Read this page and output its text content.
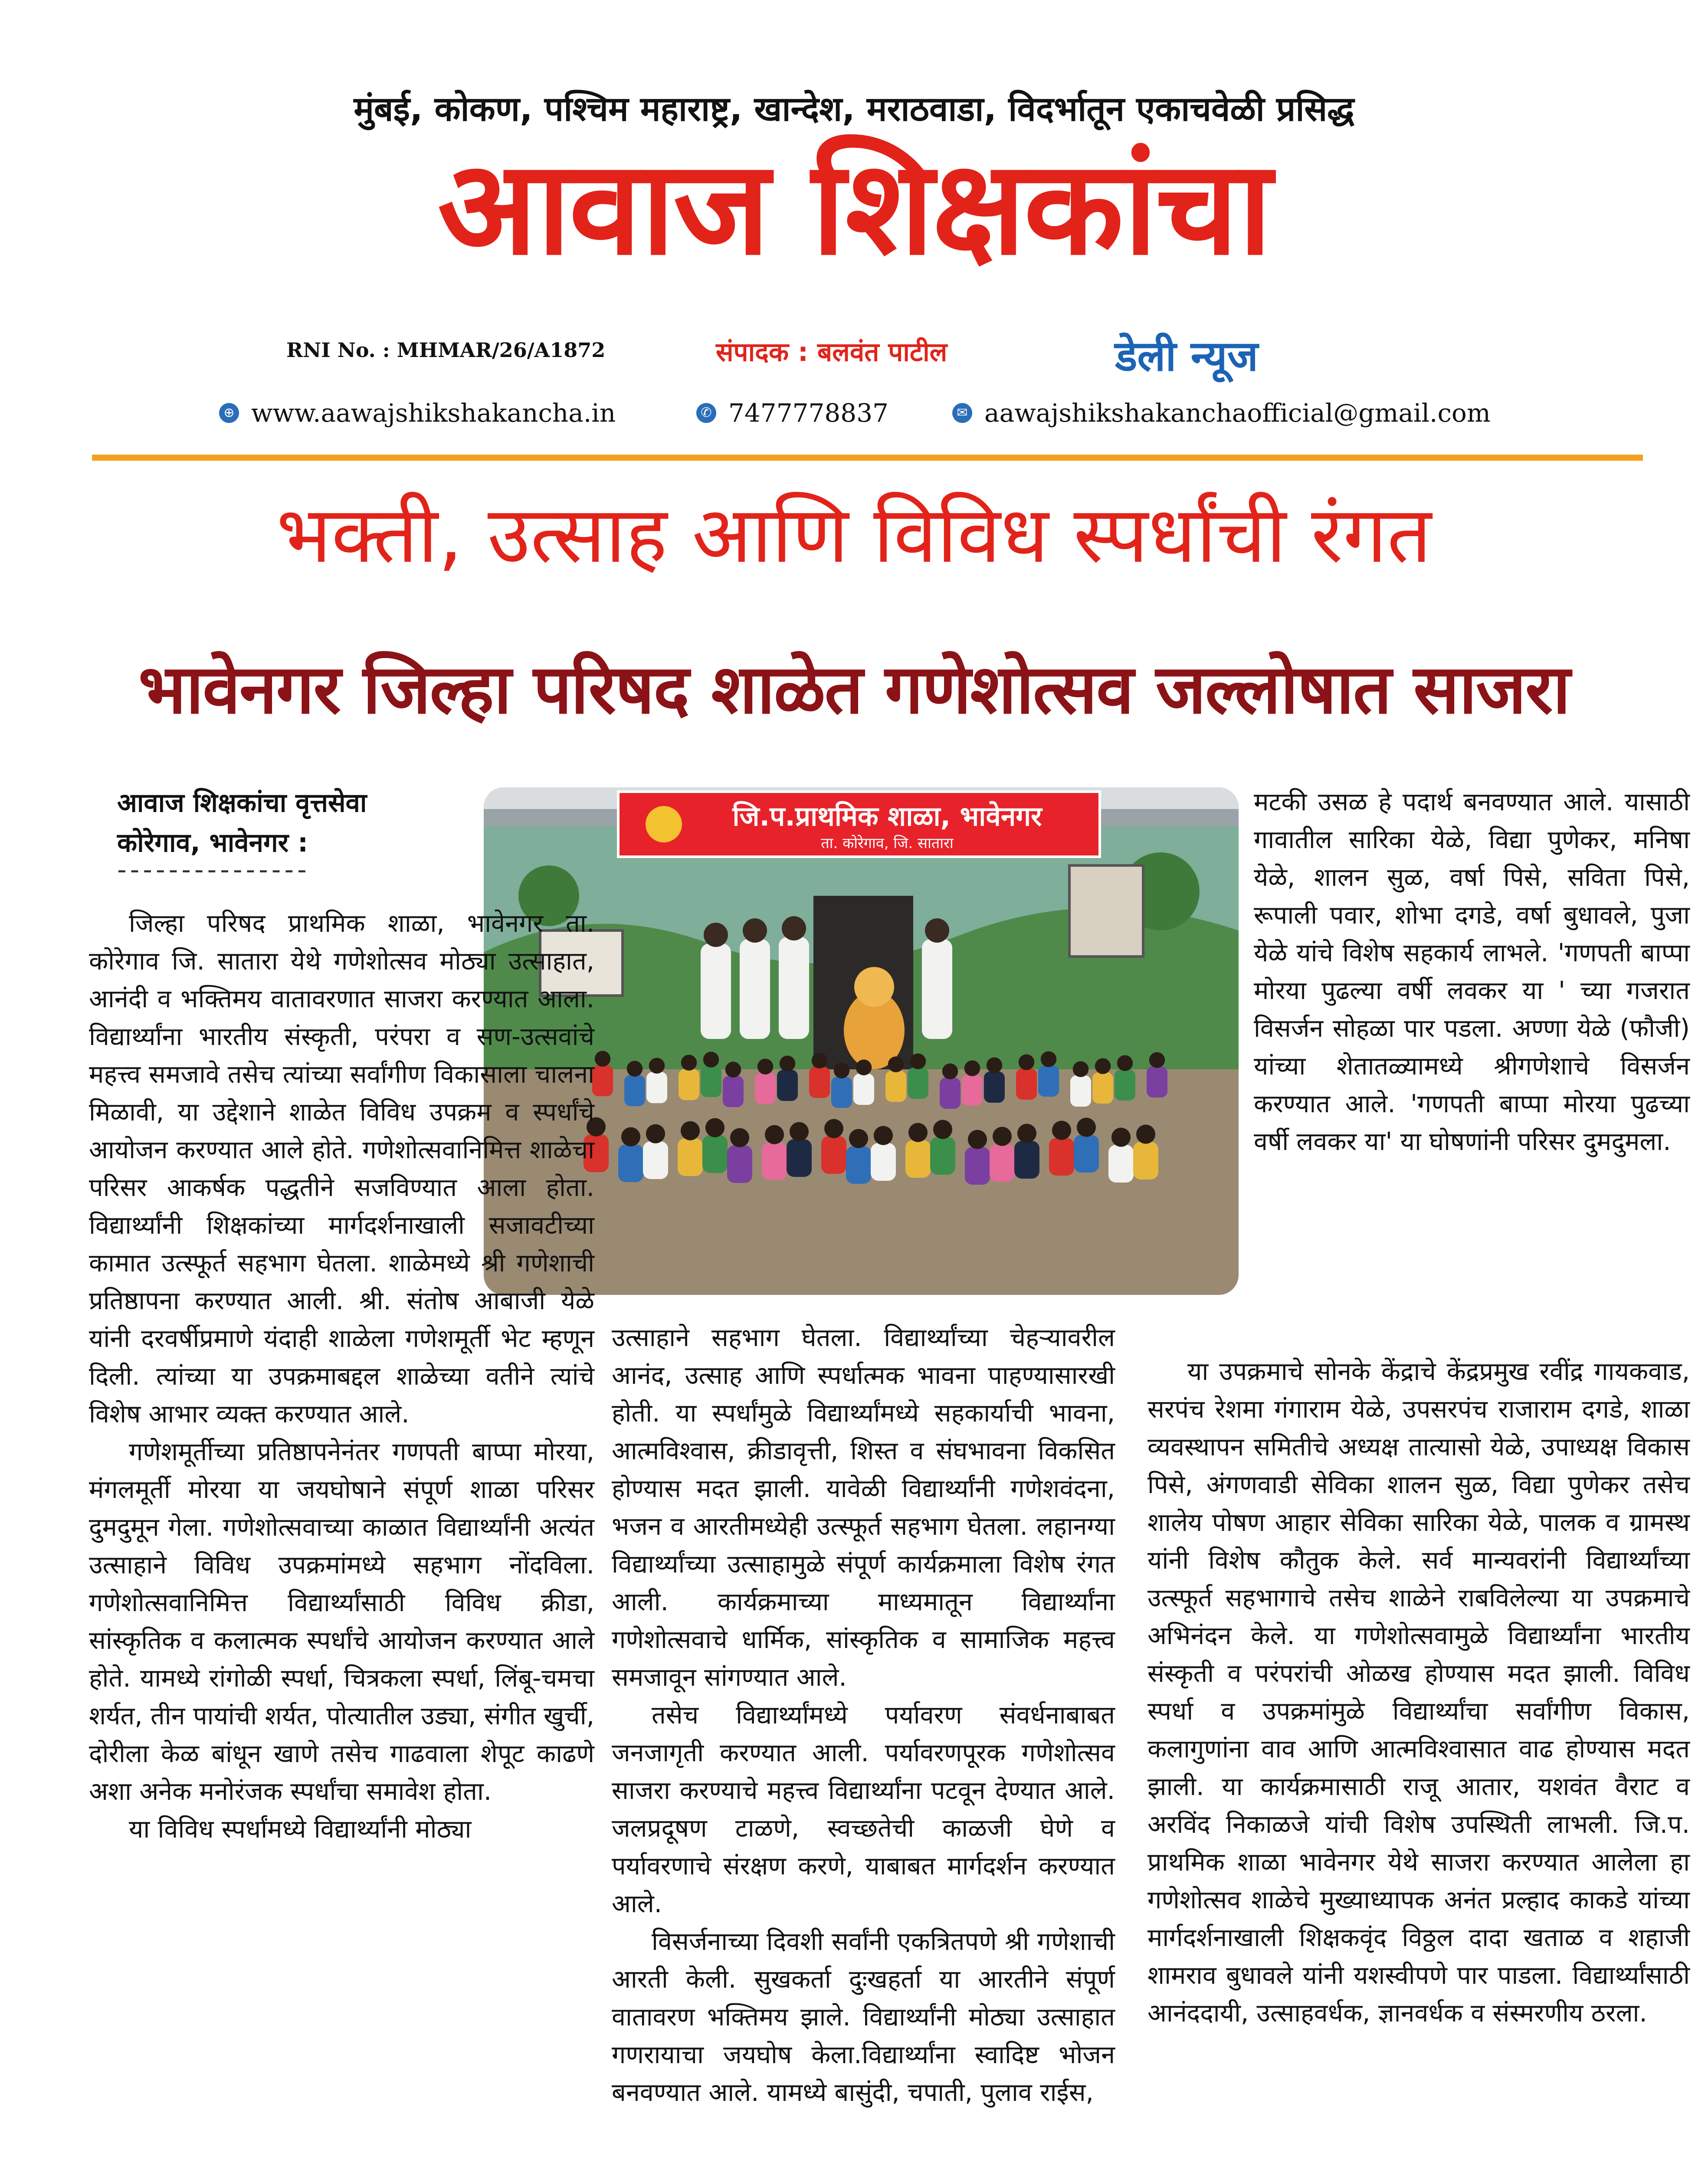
मुंबई, कोकण, पश्चिम महाराष्ट्र, खान्देश, मराठवाडा, विदर्भातून एकाचवेळी प्रसिद्ध
आवाज शिक्षकांचा
RNI No. : MHMAR/26/A1872	संपादक : बलवंत पाटील	डेली न्यूज
⊕ www.aawajshikshakancha.in	✆ 7477778837	✉ aawajshikshakanchaofficial@gmail.com
भक्ती, उत्साह आणि विविध स्पर्धांची रंगत
भावेनगर जिल्हा परिषद शाळेत गणेशोत्सव जल्लोषात साजरा
आवाज शिक्षकांचा वृत्तसेवा
कोरेगाव, भावेनगर :
---------------
जि.प.प्राथमिक शाळा, भावेनगर
ता. कोरेगाव, जि. सातारा

जिल्हा परिषद प्राथमिक शाळा, भावेनगर ता. कोरेगाव जि. सातारा येथे गणेशोत्सव मोठ्या उत्साहात, आनंदी व भक्तिमय वातावरणात साजरा करण्यात आला. विद्यार्थ्यांना भारतीय संस्कृती, परंपरा व सण-उत्सवांचे महत्त्व समजावे तसेच त्यांच्या सर्वांगीण विकासाला चालना मिळावी, या उद्देशाने शाळेत विविध उपक्रम व स्पर्धांचे आयोजन करण्यात आले होते. गणेशोत्सवानिमित्त शाळेचा परिसर आकर्षक पद्धतीने सजविण्यात आला होता. विद्यार्थ्यांनी शिक्षकांच्या मार्गदर्शनाखाली सजावटीच्या कामात उत्स्फूर्त सहभाग घेतला. शाळेमध्ये श्री गणेशाची प्रतिष्ठापना करण्यात आली. श्री. संतोष आबाजी येळे यांनी दरवर्षीप्रमाणे यंदाही शाळेला गणेशमूर्ती भेट म्हणून दिली. त्यांच्या या उपक्रमाबद्दल शाळेच्या वतीने त्यांचे विशेष आभार व्यक्त करण्यात आले.

गणेशमूर्तीच्या प्रतिष्ठापनेनंतर गणपती बाप्पा मोरया, मंगलमूर्ती मोरया या जयघोषाने संपूर्ण शाळा परिसर दुमदुमून गेला. गणेशोत्सवाच्या काळात विद्यार्थ्यांनी अत्यंत उत्साहाने विविध उपक्रमांमध्ये सहभाग नोंदविला. गणेशोत्सवानिमित्त विद्यार्थ्यांसाठी विविध क्रीडा, सांस्कृतिक व कलात्मक स्पर्धांचे आयोजन करण्यात आले होते. यामध्ये रांगोळी स्पर्धा, चित्रकला स्पर्धा, लिंबू-चमचा शर्यत, तीन पायांची शर्यत, पोत्यातील उड्या, संगीत खुर्ची, दोरीला केळ बांधून खाणे तसेच गाढवाला शेपूट काढणे अशा अनेक मनोरंजक स्पर्धांचा समावेश होता.

या विविध स्पर्धांमध्ये विद्यार्थ्यांनी मोठ्या

उत्साहाने सहभाग घेतला. विद्यार्थ्यांच्या चेहऱ्यावरील आनंद, उत्साह आणि स्पर्धात्मक भावना पाहण्यासारखी होती. या स्पर्धांमुळे विद्यार्थ्यांमध्ये सहकार्याची भावना, आत्मविश्वास, क्रीडावृत्ती, शिस्त व संघभावना विकसित होण्यास मदत झाली. यावेळी विद्यार्थ्यांनी गणेशवंदना, भजन व आरतीमध्येही उत्स्फूर्त सहभाग घेतला. लहानग्या विद्यार्थ्यांच्या उत्साहामुळे संपूर्ण कार्यक्रमाला विशेष रंगत आली. कार्यक्रमाच्या माध्यमातून विद्यार्थ्यांना गणेशोत्सवाचे धार्मिक, सांस्कृतिक व सामाजिक महत्त्व समजावून सांगण्यात आले.

तसेच विद्यार्थ्यांमध्ये पर्यावरण संवर्धनाबाबत जनजागृती करण्यात आली. पर्यावरणपूरक गणेशोत्सव साजरा करण्याचे महत्त्व विद्यार्थ्यांना पटवून देण्यात आले. जलप्रदूषण टाळणे, स्वच्छतेची काळजी घेणे व पर्यावरणाचे संरक्षण करणे, याबाबत मार्गदर्शन करण्यात आले.

विसर्जनाच्या दिवशी सर्वांनी एकत्रितपणे श्री गणेशाची आरती केली. सुखकर्ता दुःखहर्ता या आरतीने संपूर्ण वातावरण भक्तिमय झाले. विद्यार्थ्यांनी मोठ्या उत्साहात गणरायाचा जयघोष केला.विद्यार्थ्यांना स्वादिष्ट भोजन बनवण्यात आले. यामध्ये बासुंदी, चपाती, पुलाव राईस,

मटकी उसळ हे पदार्थ बनवण्यात आले. यासाठी गावातील सारिका येळे, विद्या पुणेकर, मनिषा येळे, शालन सुळ, वर्षा पिसे, सविता पिसे, रूपाली पवार, शोभा दगडे, वर्षा बुधावले, पुजा येळे यांचे विशेष सहकार्य लाभले. 'गणपती बाप्पा मोरया पुढल्या वर्षी लवकर या ' च्या गजरात विसर्जन सोहळा पार पडला. अण्णा येळे (फौजी) यांच्या शेतातळ्यामध्ये श्रीगणेशाचे विसर्जन करण्यात आले. 'गणपती बाप्पा मोरया पुढच्या वर्षी लवकर या' या घोषणांनी परिसर दुमदुमला.

या उपक्रमाचे सोनके केंद्राचे केंद्रप्रमुख रवींद्र गायकवाड, सरपंच रेशमा गंगाराम येळे, उपसरपंच राजाराम दगडे, शाळा व्यवस्थापन समितीचे अध्यक्ष तात्यासो येळे, उपाध्यक्ष विकास पिसे, अंगणवाडी सेविका शालन सुळ, विद्या पुणेकर तसेच शालेय पोषण आहार सेविका सारिका येळे, पालक व ग्रामस्थ यांनी विशेष कौतुक केले. सर्व मान्यवरांनी विद्यार्थ्यांच्या उत्स्फूर्त सहभागाचे तसेच शाळेने राबविलेल्या या उपक्रमाचे अभिनंदन केले. या गणेशोत्सवामुळे विद्यार्थ्यांना भारतीय संस्कृती व परंपरांची ओळख होण्यास मदत झाली. विविध स्पर्धा व उपक्रमांमुळे विद्यार्थ्यांचा सर्वांगीण विकास, कलागुणांना वाव आणि आत्मविश्वासात वाढ होण्यास मदत झाली. या कार्यक्रमासाठी राजू आतार, यशवंत वैराट व अरविंद निकाळजे यांची विशेष उपस्थिती लाभली. जि.प. प्राथमिक शाळा भावेनगर येथे साजरा करण्यात आलेला हा गणेशोत्सव शाळेचे मुख्याध्यापक अनंत प्रल्हाद काकडे यांच्या मार्गदर्शनाखाली शिक्षकवृंद विठ्ठल दादा खताळ व शहाजी शामराव बुधावले यांनी यशस्वीपणे पार पाडला. विद्यार्थ्यांसाठी आनंददायी, उत्साहवर्धक, ज्ञानवर्धक व संस्मरणीय ठरला.
